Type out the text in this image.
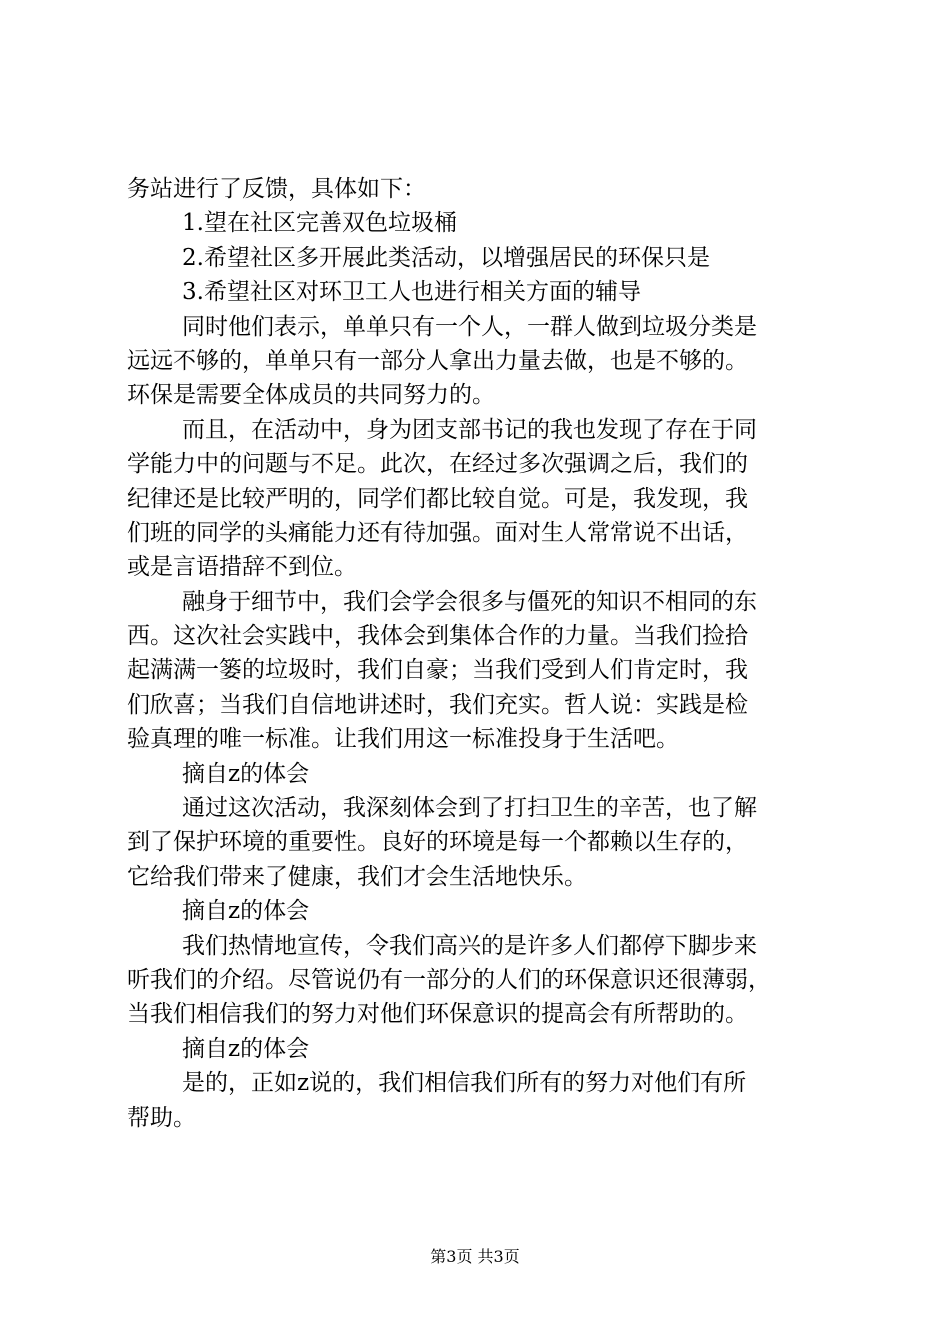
务站进行了反馈，具体如下：
1.望在社区完善双色垃圾桶
2.希望社区多开展此类活动，以增强居民的环保只是
3.希望社区对环卫工人也进行相关方面的辅导
同时他们表示，单单只有一个人，一群人做到垃圾分类是
远远不够的，单单只有一部分人拿出力量去做，也是不够的。
环保是需要全体成员的共同努力的。
而且，在活动中，身为团支部书记的我也发现了存在于同
学能力中的问题与不足。此次，在经过多次强调之后，我们的
纪律还是比较严明的，同学们都比较自觉。可是，我发现，我
们班的同学的头痛能力还有待加强。面对生人常常说不出话，
或是言语措辞不到位。
融身于细节中，我们会学会很多与僵死的知识不相同的东
西。这次社会实践中，我体会到集体合作的力量。当我们捡拾
起满满一篓的垃圾时，我们自豪；当我们受到人们肯定时，我
们欣喜；当我们自信地讲述时，我们充实。哲人说：实践是检
验真理的唯一标准。让我们用这一标准投身于生活吧。
摘自z的体会
通过这次活动，我深刻体会到了打扫卫生的辛苦，也了解
到了保护环境的重要性。良好的环境是每一个都赖以生存的，
它给我们带来了健康，我们才会生活地快乐。
摘自z的体会
我们热情地宣传，令我们高兴的是许多人们都停下脚步来
听我们的介绍。尽管说仍有一部分的人们的环保意识还很薄弱，
当我们相信我们的努力对他们环保意识的提高会有所帮助的。
摘自z的体会
是的，正如z说的，我们相信我们所有的努力对他们有所
帮助。
第3页 共3页
